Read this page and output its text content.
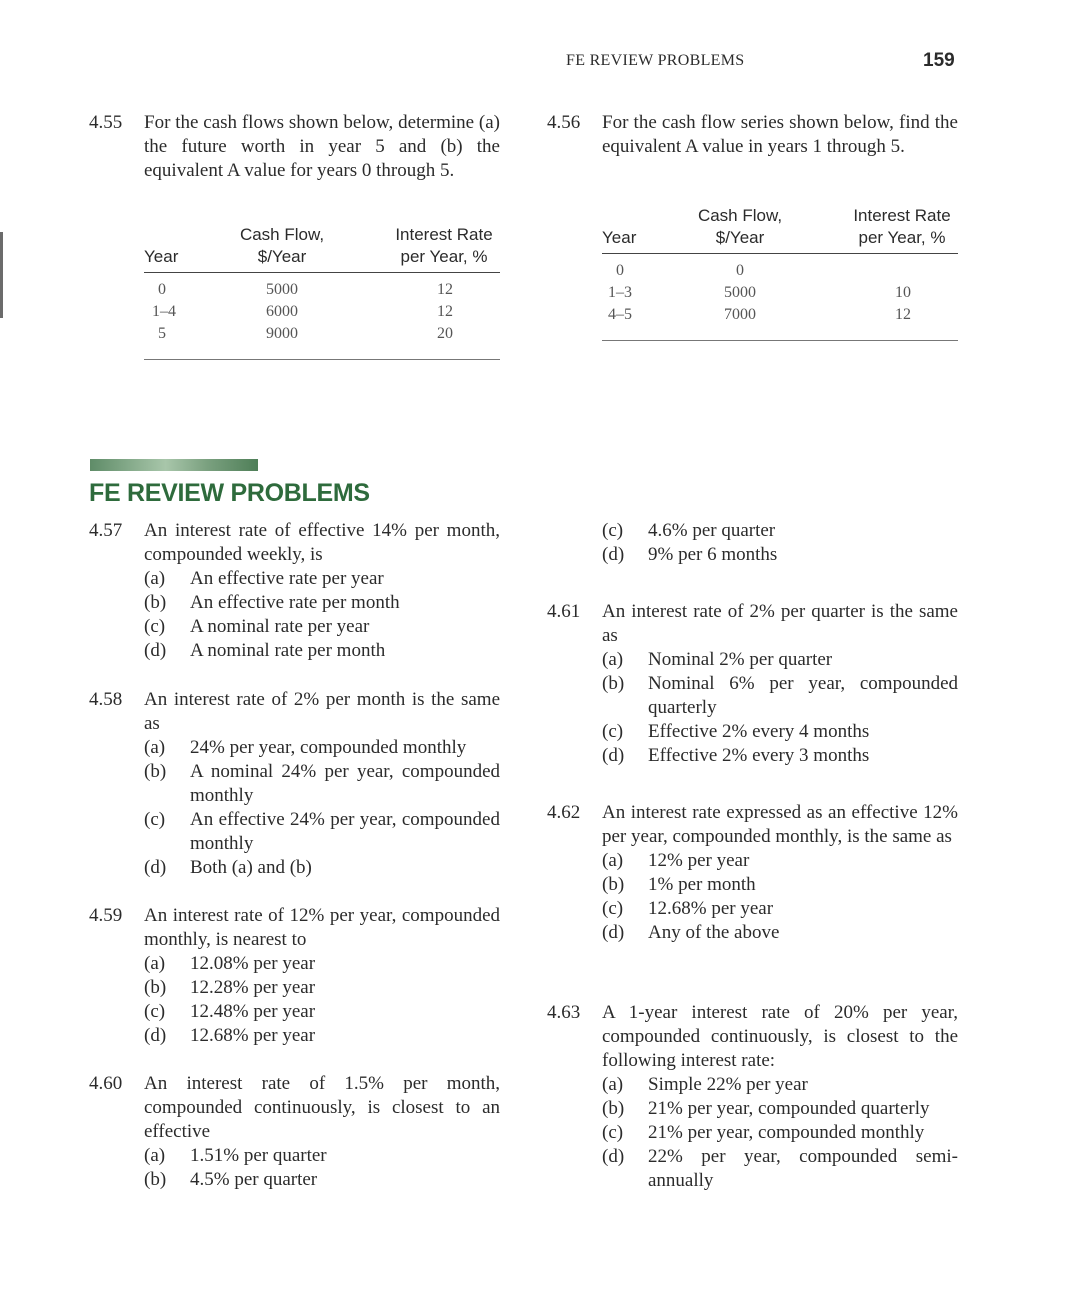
FE REVIEW PROBLEMS	159
4.55 For the cash flows shown below, determine (a) the future worth in year 5 and (b) the equivalent A value for years 0 through 5.
Year	Cash Flow, $/Year	Interest Rate per Year, %

0	5000	12
1–4	6000	12
5	9000	20
4.56 For the cash flow series shown below, find the equivalent A value in years 1 through 5.
Year	Cash Flow, $/Year	Interest Rate per Year, %

0	0	
1–3	5000	10
4–5	7000	12
FE REVIEW PROBLEMS
4.57 An interest rate of effective 14% per month, compounded weekly, is
(a)	An effective rate per year
(b)	An effective rate per month
(c)	A nominal rate per year
(d)	A nominal rate per month
4.58 An interest rate of 2% per month is the same as
(a)	24% per year, compounded monthly
(b)	A nominal 24% per year, compounded monthly
(c)	An effective 24% per year, compounded monthly
(d)	Both (a) and (b)
4.59 An interest rate of 12% per year, compounded monthly, is nearest to
(a)	12.08% per year
(b)	12.28% per year
(c)	12.48% per year
(d)	12.68% per year
4.60 An interest rate of 1.5% per month, compounded continuously, is closest to an effective
(a)	1.51% per quarter
(b)	4.5% per quarter
(c)	4.6% per quarter
(d)	9% per 6 months
4.61 An interest rate of 2% per quarter is the same as
(a)	Nominal 2% per quarter
(b)	Nominal 6% per year, compounded quarterly
(c)	Effective 2% every 4 months
(d)	Effective 2% every 3 months
4.62 An interest rate expressed as an effective 12% per year, compounded monthly, is the same as
(a)	12% per year
(b)	1% per month
(c)	12.68% per year
(d)	Any of the above
4.63 A 1-year interest rate of 20% per year, compounded continuously, is closest to the following interest rate:
(a)	Simple 22% per year
(b)	21% per year, compounded quarterly
(c)	21% per year, compounded monthly
(d)	22% per year, compounded semi-annually
